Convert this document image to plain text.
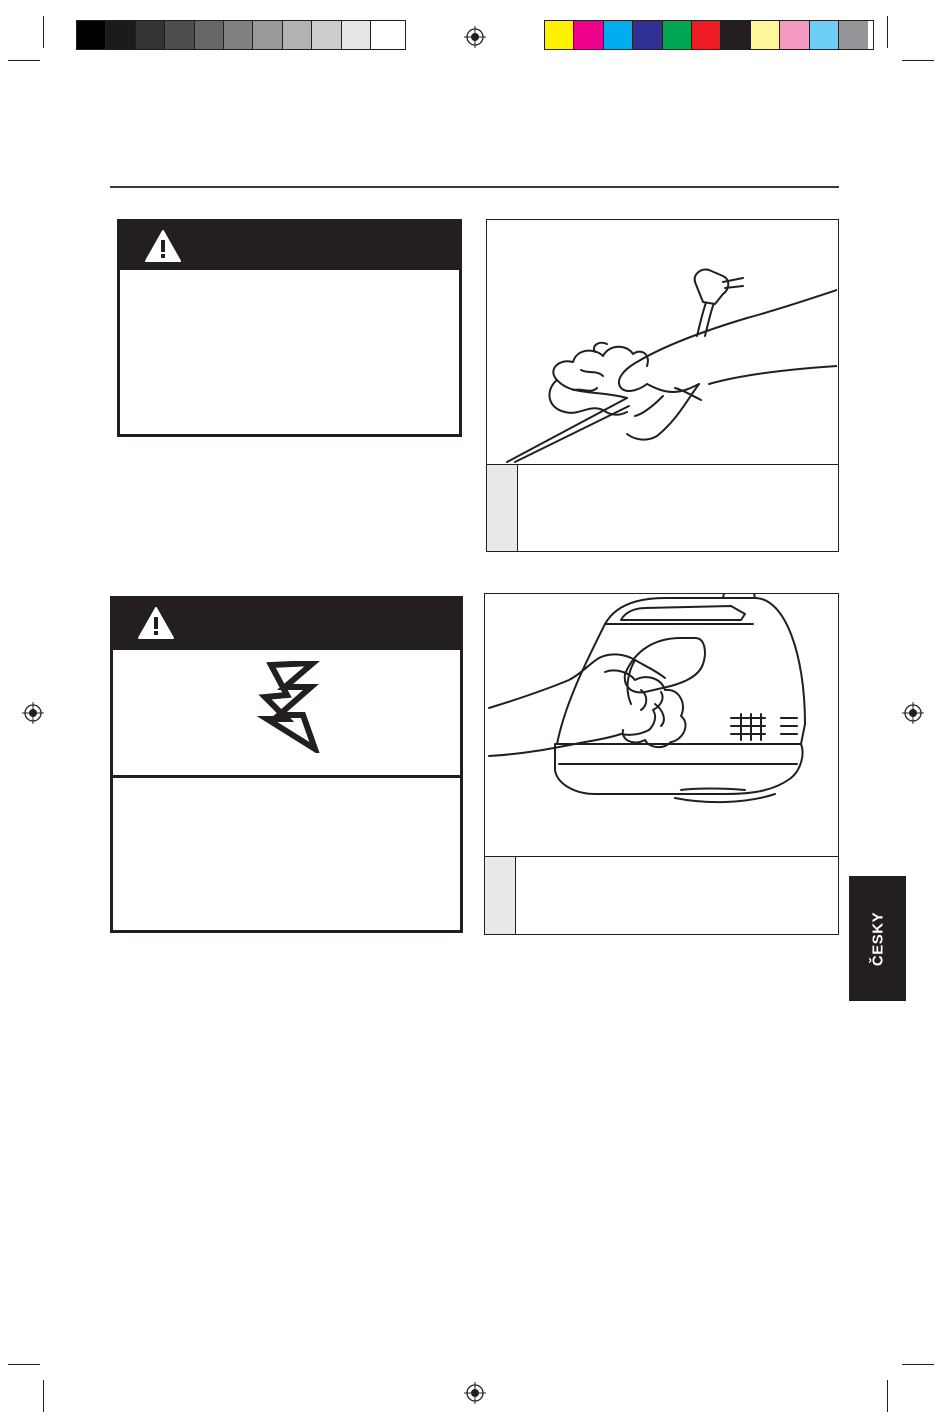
ČESKY
